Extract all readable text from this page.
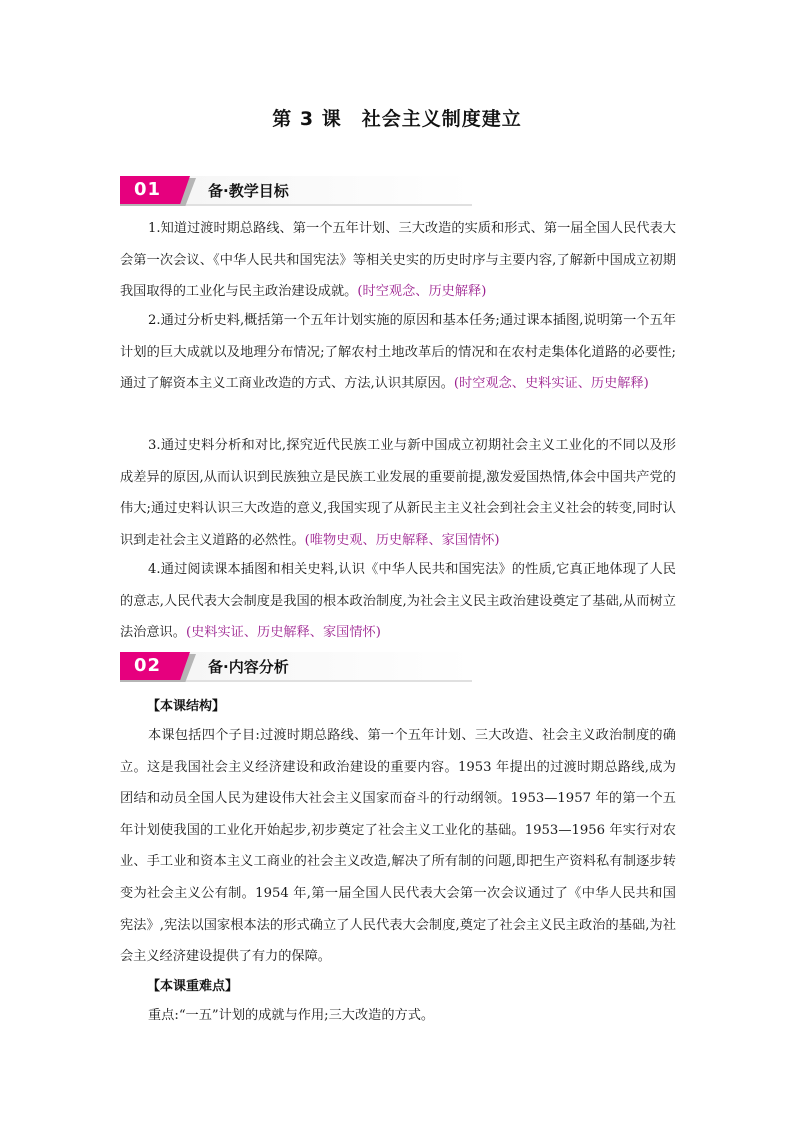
第 3 课　社会主义制度建立
01	备·教学目标

1.知道过渡时期总路线、第一个五年计划、三大改造的实质和形式、第一届全国人民代表大会第一次会议、《中华人民共和国宪法》等相关史实的历史时序与主要内容,了解新中国成立初期我国取得的工业化与民主政治建设成就。(时空观念、历史解释)

2.通过分析史料,概括第一个五年计划实施的原因和基本任务;通过课本插图,说明第一个五年计划的巨大成就以及地理分布情况;了解农村土地改革后的情况和在农村走集体化道路的必要性;通过了解资本主义工商业改造的方式、方法,认识其原因。(时空观念、史料实证、历史解释)

3.通过史料分析和对比,探究近代民族工业与新中国成立初期社会主义工业化的不同以及形成差异的原因,从而认识到民族独立是民族工业发展的重要前提,激发爱国热情,体会中国共产党的伟大;通过史料认识三大改造的意义,我国实现了从新民主主义社会到社会主义社会的转变,同时认识到走社会主义道路的必然性。(唯物史观、历史解释、家国情怀)

4.通过阅读课本插图和相关史料,认识《中华人民共和国宪法》的性质,它真正地体现了人民的意志,人民代表大会制度是我国的根本政治制度,为社会主义民主政治建设奠定了基础,从而树立法治意识。(史料实证、历史解释、家国情怀)

02	备·内容分析
【本课结构】

本课包括四个子目:过渡时期总路线、第一个五年计划、三大改造、社会主义政治制度的确立。这是我国社会主义经济建设和政治建设的重要内容。1953 年提出的过渡时期总路线,成为团结和动员全国人民为建设伟大社会主义国家而奋斗的行动纲领。1953—1957 年的第一个五年计划使我国的工业化开始起步,初步奠定了社会主义工业化的基础。1953—1956 年实行对农业、手工业和资本主义工商业的社会主义改造,解决了所有制的问题,即把生产资料私有制逐步转变为社会主义公有制。1954 年,第一届全国人民代表大会第一次会议通过了《中华人民共和国宪法》,宪法以国家根本法的形式确立了人民代表大会制度,奠定了社会主义民主政治的基础,为社会主义经济建设提供了有力的保障。

【本课重难点】

重点:“一五”计划的成就与作用;三大改造的方式。
